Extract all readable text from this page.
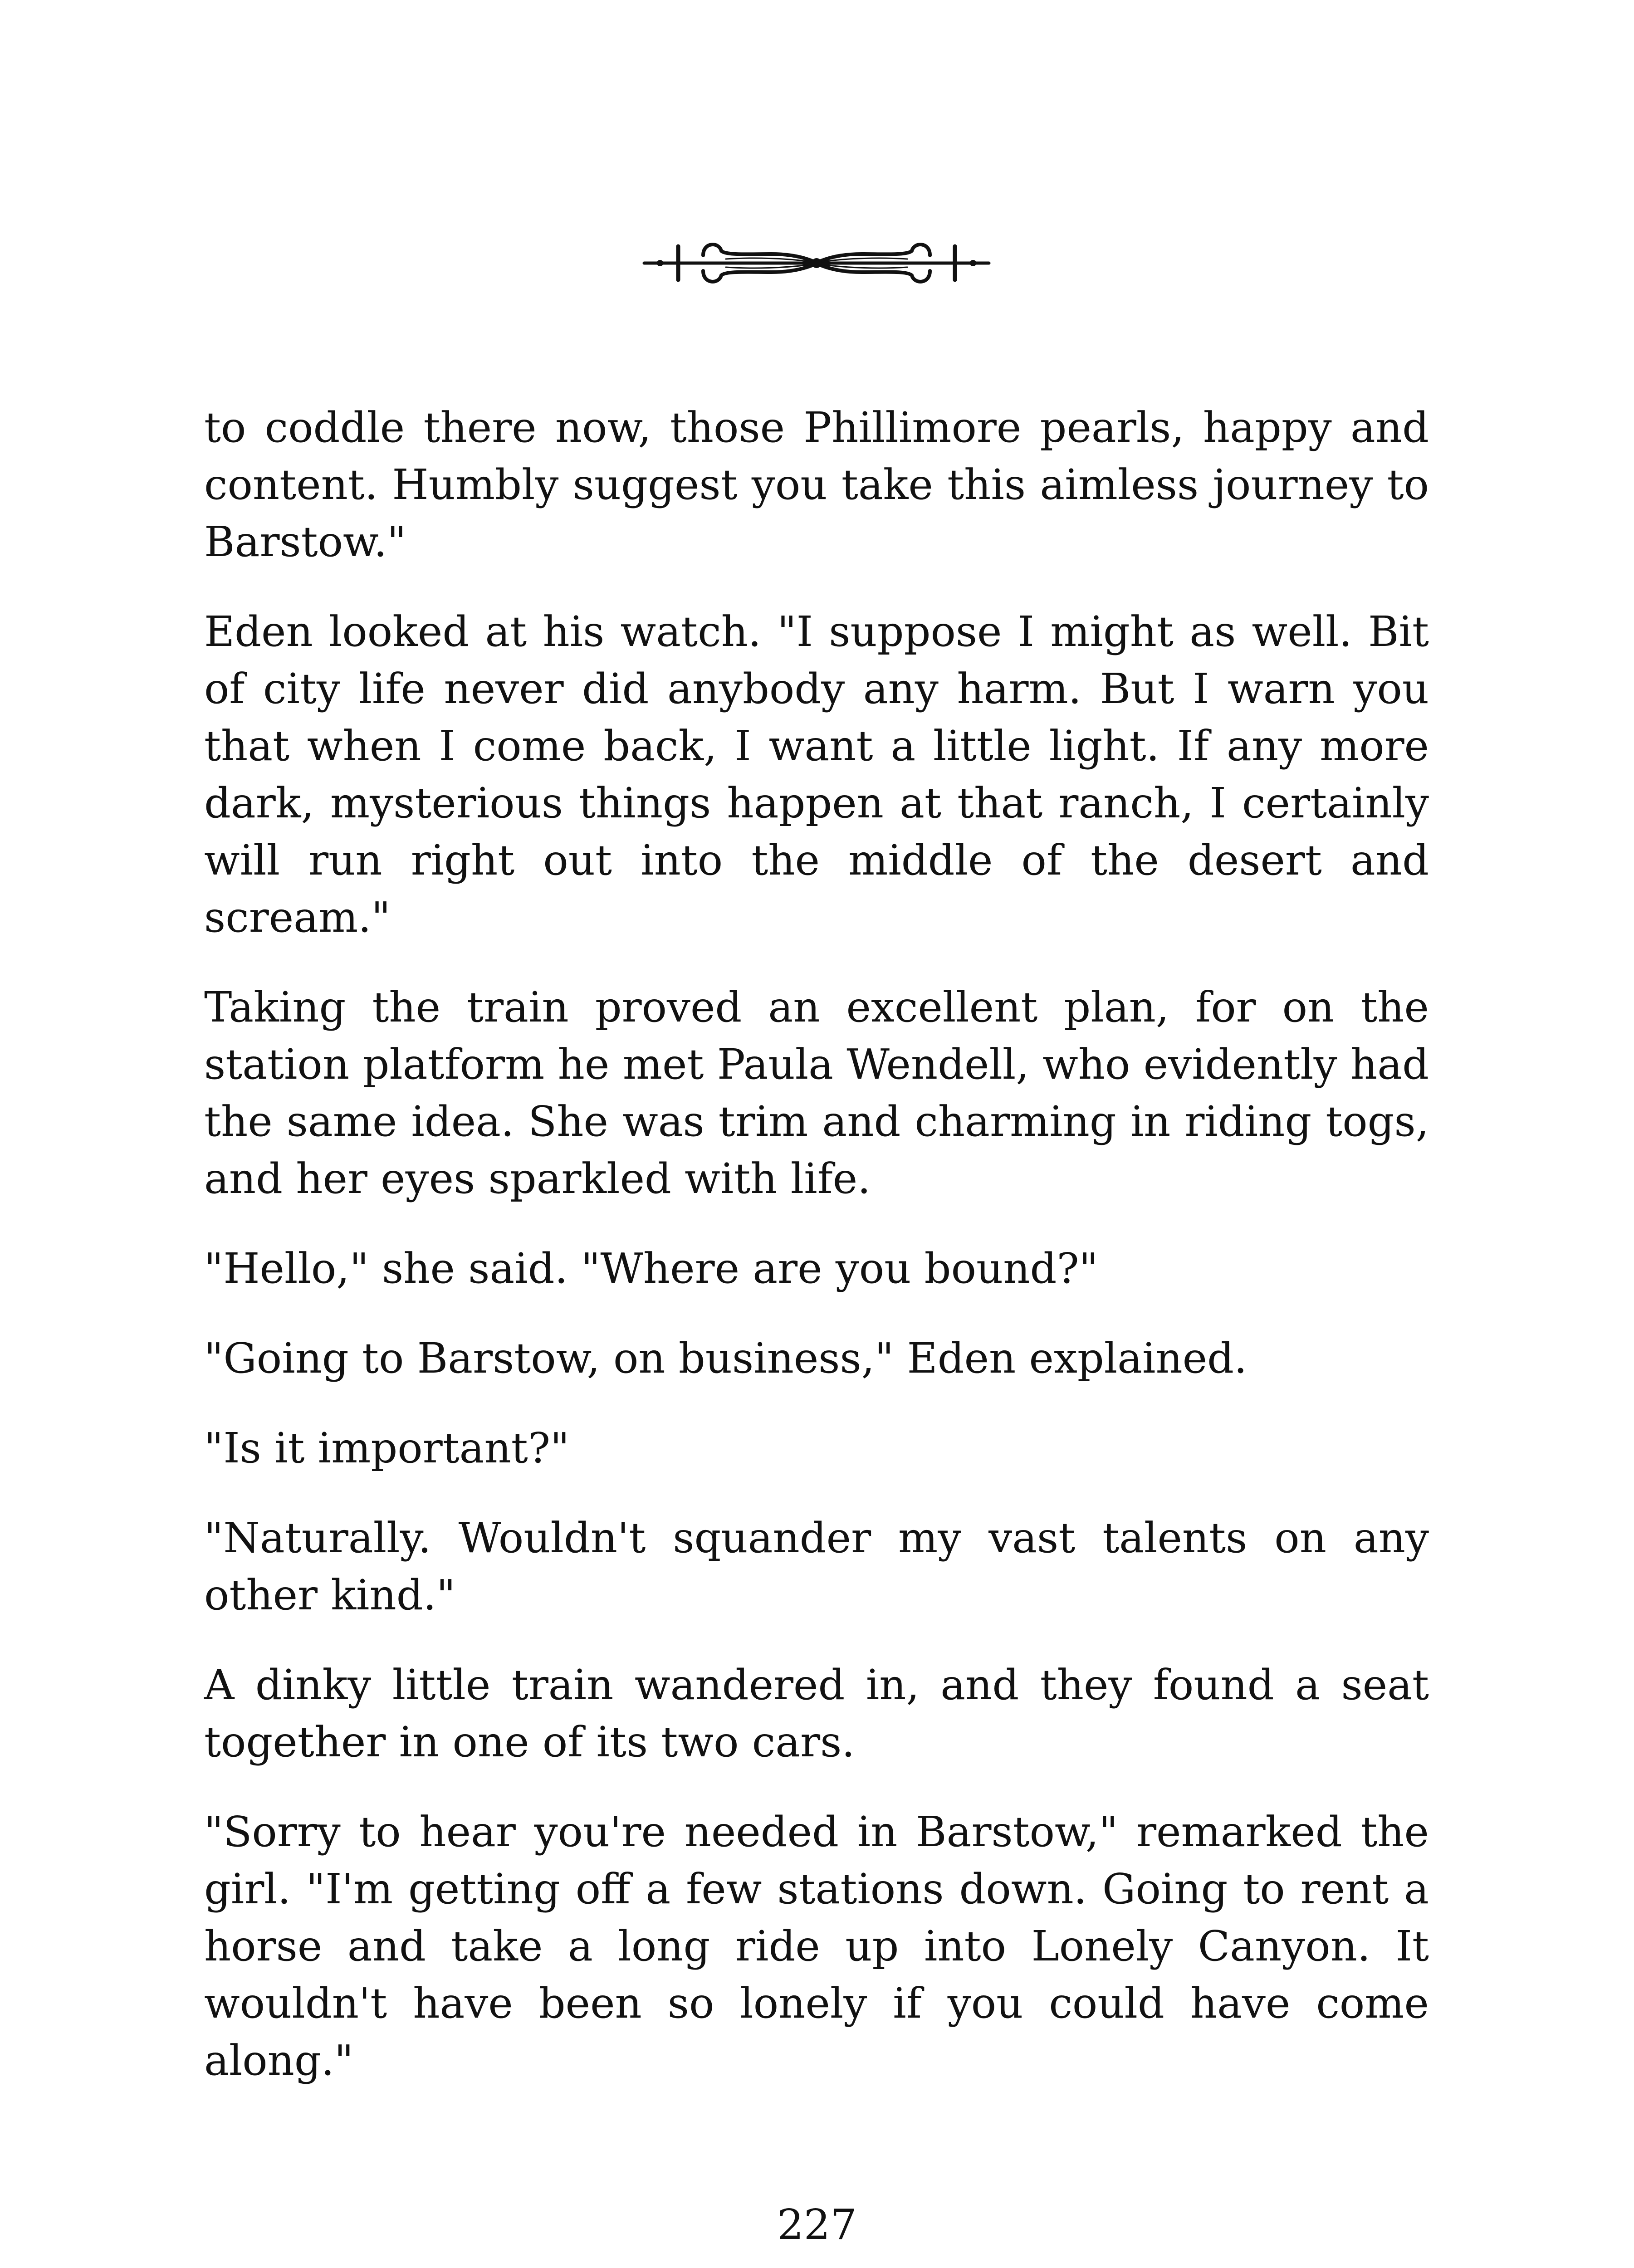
to coddle there now, those Phillimore pearls, happy and content. Humbly suggest you take this aimless journey to Barstow."

Eden looked at his watch. "I suppose I might as well. Bit of city life never did anybody any harm. But I warn you that when I come back, I want a little light. If any more dark, mysterious things happen at that ranch, I certainly will run right out into the middle of the desert and scream."

Taking the train proved an excellent plan, for on the station platform he met Paula Wendell, who evidently had the same idea. She was trim and charming in riding togs, and her eyes sparkled with life.

"Hello," she said. "Where are you bound?"

"Going to Barstow, on business," Eden explained.

"Is it important?"

"Naturally. Wouldn't squander my vast talents on any other kind."

A dinky little train wandered in, and they found a seat together in one of its two cars.

"Sorry to hear you're needed in Barstow," remarked the girl. "I'm getting off a few stations down. Going to rent a horse and take a long ride up into Lonely Canyon. It wouldn't have been so lonely if you could have come along."

227
